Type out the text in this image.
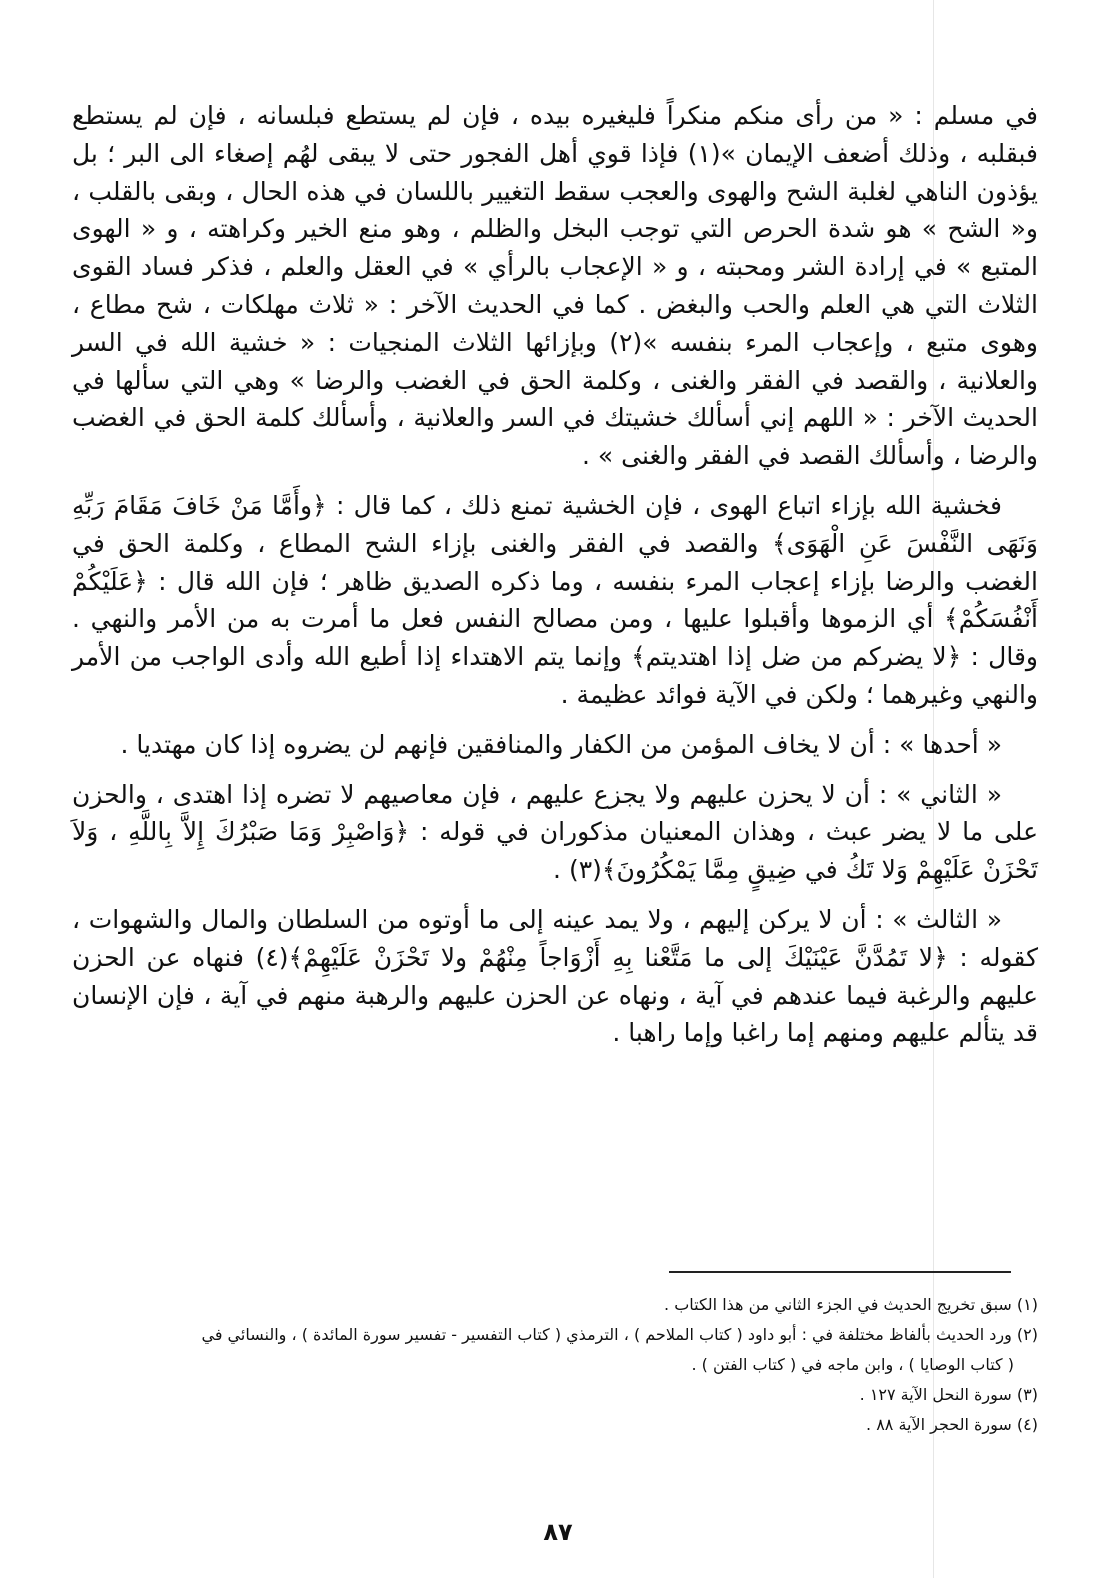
في مسلم : « من رأى منكم منكراً فليغيره بيده ، فإن لم يستطع فبلسانه ، فإن لم يستطع فبقلبه ، وذلك أضعف الإيمان »(١) فإذا قوي أهل الفجور حتى لا يبقى لهُم إصغاء الى البر ؛ بل يؤذون الناهي لغلبة الشح والهوى والعجب سقط التغيير باللسان في هذه الحال ، وبقى بالقلب ، و« الشح » هو شدة الحرص التي توجب البخل والظلم ، وهو منع الخير وكراهته ، و « الهوى المتبع » في إرادة الشر ومحبته ، و « الإعجاب بالرأي » في العقل والعلم ، فذكر فساد القوى الثلاث التي هي العلم والحب والبغض . كما في الحديث الآخر : « ثلاث مهلكات ، شح مطاع ، وهوى متبع ، وإعجاب المرء بنفسه »(٢) وبإزائها الثلاث المنجيات : « خشية الله في السر والعلانية ، والقصد في الفقر والغنى ، وكلمة الحق في الغضب والرضا » وهي التي سألها في الحديث الآخر : « اللهم إني أسألك خشيتك في السر والعلانية ، وأسألك كلمة الحق في الغضب والرضا ، وأسألك القصد في الفقر والغنى » .

فخشية الله بإزاء اتباع الهوى ، فإن الخشية تمنع ذلك ، كما قال : ﴿وأَمَّا مَنْ خَافَ مَقَامَ رَبِّهِ وَنَهَى النَّفْسَ عَنِ الْهَوَى﴾ والقصد في الفقر والغنى بإزاء الشح المطاع ، وكلمة الحق في الغضب والرضا بإزاء إعجاب المرء بنفسه ، وما ذكره الصديق ظاهر ؛ فإن الله قال : ﴿عَلَيْكُمْ أَنْفُسَكُمْ﴾ أي الزموها وأقبلوا عليها ، ومن مصالح النفس فعل ما أمرت به من الأمر والنهي . وقال : ﴿لا يضركم من ضل إذا اهتديتم﴾ وإنما يتم الاهتداء إذا أطيع الله وأدى الواجب من الأمر والنهي وغيرهما ؛ ولكن في الآية فوائد عظيمة .

« أحدها » : أن لا يخاف المؤمن من الكفار والمنافقين فإنهم لن يضروه إذا كان مهتديا .

« الثاني » : أن لا يحزن عليهم ولا يجزع عليهم ، فإن معاصيهم لا تضره إذا اهتدى ، والحزن على ما لا يضر عبث ، وهذان المعنيان مذكوران في قوله : ﴿وَاصْبِرْ وَمَا صَبْرُكَ إِلاَّ بِاللَّهِ ، وَلاَ تَحْزَنْ عَلَيْهِمْ وَلا تَكُ في ضِيقٍ مِمَّا يَمْكُرُونَ﴾(٣) .

« الثالث » : أن لا يركن إليهم ، ولا يمد عينه إلى ما أوتوه من السلطان والمال والشهوات ، كقوله : ﴿لا تَمُدَّنَّ عَيْنَيْكَ إلى ما مَتَّعْنا بِهِ أَزْوَاجاً مِنْهُمْ ولا تَحْزَنْ عَلَيْهِمْ﴾(٤) فنهاه عن الحزن عليهم والرغبة فيما عندهم في آية ، ونهاه عن الحزن عليهم والرهبة منهم في آية ، فإن الإنسان قد يتألم عليهم ومنهم إما راغبا وإما راهبا .

(١) سبق تخريج الحديث في الجزء الثاني من هذا الكتاب .

(٢) ورد الحديث بألفاظ مختلفة في : أبو داود ( كتاب الملاحم ) ، الترمذي ( كتاب التفسير - تفسير سورة المائدة ) ، والنسائي في

( كتاب الوصايا ) ، وابن ماجه في ( كتاب الفتن ) .

(٣) سورة النحل الآية ١٢٧ .

(٤) سورة الحجر الآية ٨٨ .

٨٧
